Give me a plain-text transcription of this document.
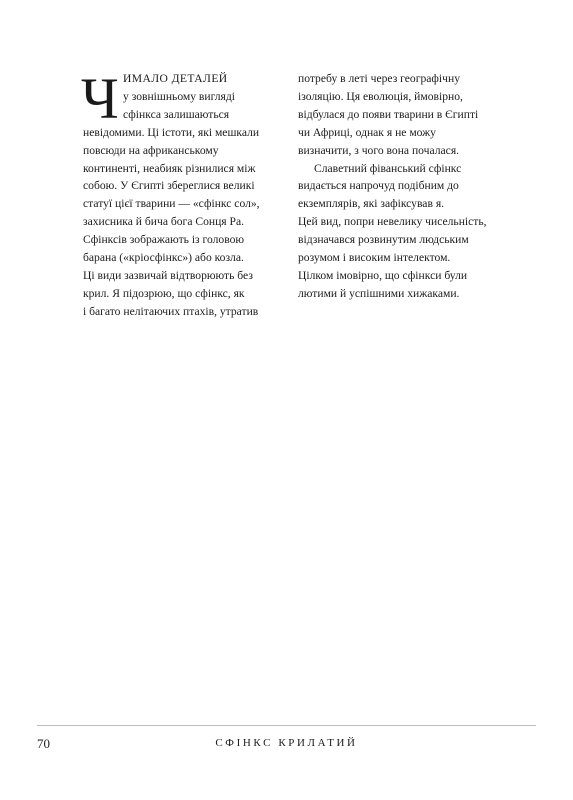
Ч ИМАЛО ДЕТАЛЕЙ
у зовнішньому вигляді
сфінкса залишаються
невідомими. Ці істоти, які мешкали
повсюди на африканському
континенті, неабияк різнилися між
собою. У Єгипті збереглися великі
статуї цієї тварини — «сфінкс сол»,
захисника й бича бога Сонця Ра.
Сфінксів зображають із головою
барана («кріосфінкс») або козла.
Ці види зазвичай відтворюють без
крил. Я підозрюю, що сфінкс, як
і багато нелітаючих птахів, утратив
потребу в леті через географічну
ізоляцію. Ця еволюція, ймовірно,
відбулася до появи тварини в Єгипті
чи Африці, однак я не можу
визначити, з чого вона почалася.
Славетний фіванський сфінкс
видається напрочуд подібним до
екземплярів, які зафіксував я.
Цей вид, попри невелику чисельність,
відзначався розвинутим людським
розумом і високим інтелектом.
Цілком імовірно, що сфінкси були
лютими й успішними хижаками.
70	СФІНКС КРИЛАТИЙ
